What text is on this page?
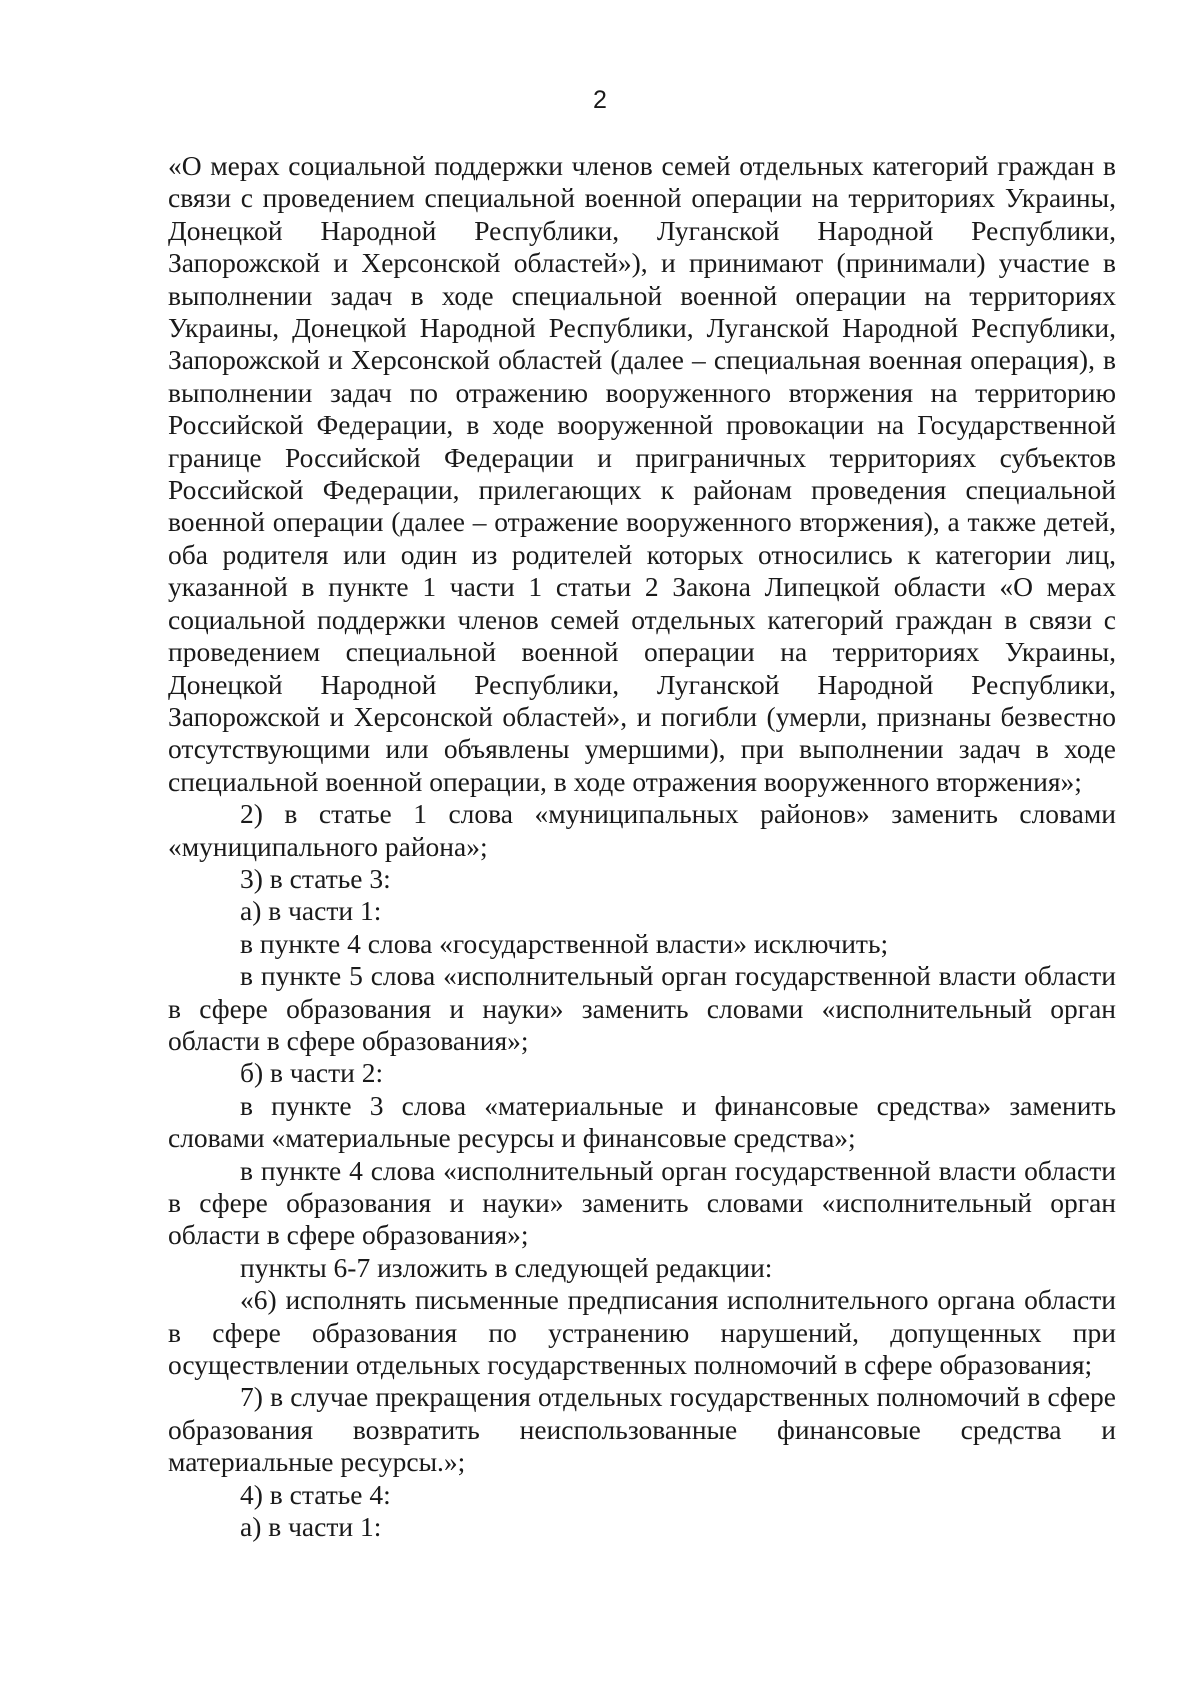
2

«О мерах социальной поддержки членов семей отдельных категорий граждан в связи с проведением специальной военной операции на территориях Украины, Донецкой Народной Республики, Луганской Народной Республики, Запорожской и Херсонской областей»), и принимают (принимали) участие в выполнении задач в ходе специальной военной операции на территориях Украины, Донецкой Народной Республики, Луганской Народной Республики, Запорожской и Херсонской областей (далее – специальная военная операция), в выполнении задач по отражению вооруженного вторжения на территорию Российской Федерации, в ходе вооруженной провокации на Государственной границе Российской Федерации и приграничных территориях субъектов Российской Федерации, прилегающих к районам проведения специальной военной операции (далее – отражение вооруженного вторжения), а также детей, оба родителя или один из родителей которых относились к категории лиц, указанной в пункте 1 части 1 статьи 2 Закона Липецкой области «О мерах социальной поддержки членов семей отдельных категорий граждан в связи с проведением специальной военной операции на территориях Украины, Донецкой Народной Республики, Луганской Народной Республики, Запорожской и Херсонской областей», и погибли (умерли, признаны безвестно отсутствующими или объявлены умершими), при выполнении задач в ходе специальной военной операции, в ходе отражения вооруженного вторжения»;

2) в статье 1 слова «муниципальных районов» заменить словами «муниципального района»;

3) в статье 3:

а) в части 1:

в пункте 4 слова «государственной власти» исключить;

в пункте 5 слова «исполнительный орган государственной власти области в сфере образования и науки» заменить словами «исполнительный орган области в сфере образования»;

б) в части 2:

в пункте 3 слова «материальные и финансовые средства» заменить словами «материальные ресурсы и финансовые средства»;

в пункте 4 слова «исполнительный орган государственной власти области в сфере образования и науки» заменить словами «исполнительный орган области в сфере образования»;

пункты 6-7 изложить в следующей редакции:

«6) исполнять письменные предписания исполнительного органа области в сфере образования по устранению нарушений, допущенных при осуществлении отдельных государственных полномочий в сфере образования;

7) в случае прекращения отдельных государственных полномочий в сфере образования возвратить неиспользованные финансовые средства и материальные ресурсы.»;

4) в статье 4:

а) в части 1:
